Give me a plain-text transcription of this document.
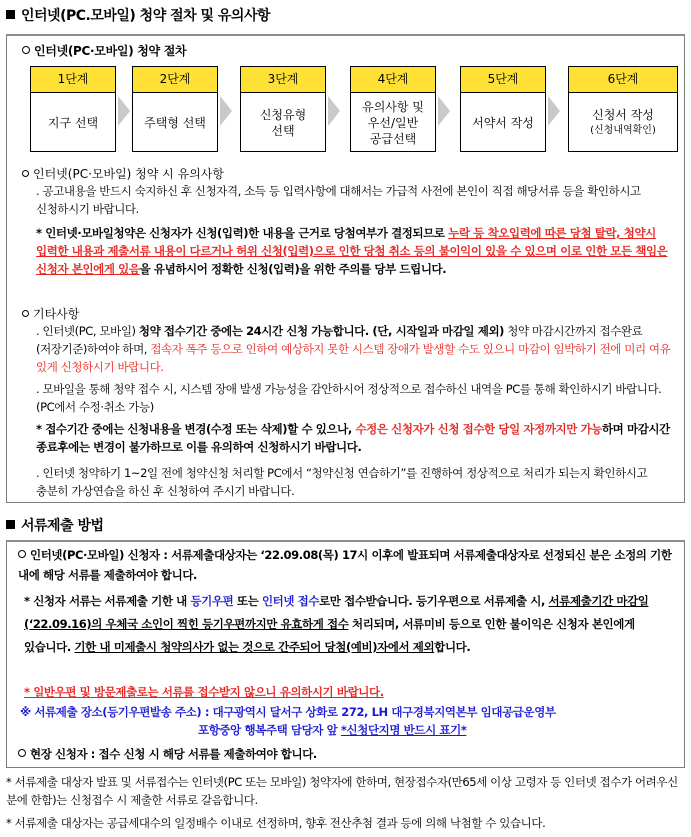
인터넷(PC.모바일) 청약 절차 및 유의사항
인터넷(PC·모바일) 청약 절차
1단계
지구 선택
2단계
주택형 선택
3단계
신청유형
선택
4단계
유의사항 및
우선/일반
공급선택
5단계
서약서 작성
6단계
신청서 작성
(신청내역확인)
인터넷(PC·모바일) 청약 시 유의사항
. 공고내용을 반드시 숙지하신 후 신청자격, 소득 등 입력사항에 대해서는 가급적 사전에 본인이 직접 해당서류 등을 확인하시고 신청하시기 바랍니다.
* 인터넷·모바일청약은 신청자가 신청(입력)한 내용을 근거로 당첨여부가 결정되므로 누락 등 착오입력에 따른 당첨 탈락, 청약시 입력한 내용과 제출서류 내용이 다르거나 허위 신청(입력)으로 인한 당첨 취소 등의 불이익이 있을 수 있으며 이로 인한 모든 책임은 신청자 본인에게 있음을 유념하시어 정확한 신청(입력)을 위한 주의를 당부 드립니다.
기타사항
. 인터넷(PC, 모바일) 청약 접수기간 중에는 24시간 신청 가능합니다. (단, 시작일과 마감일 제외) 청약 마감시간까지 접수완료(저장기준)하여야 하며, 접속자 폭주 등으로 인하여 예상하지 못한 시스템 장애가 발생할 수도 있으니 마감이 임박하기 전에 미리 여유 있게 신청하시기 바랍니다.
. 모바일을 통해 청약 접수 시, 시스템 장애 발생 가능성을 감안하시어 정상적으로 접수하신 내역을 PC를 통해 확인하시기 바랍니다. (PC에서 수정·취소 가능)
* 접수기간 중에는 신청내용을 변경(수정 또는 삭제)할 수 있으나, 수정은 신청자가 신청 접수한 당일 자정까지만 가능하며 마감시간 종료후에는 변경이 불가하므로 이를 유의하여 신청하시기 바랍니다.
. 인터넷 청약하기 1~2일 전에 청약신청 처리할 PC에서 “청약신청 연습하기”를 진행하여 정상적으로 처리가 되는지 확인하시고 충분히 가상연습을 하신 후 신청하여 주시기 바랍니다.
서류제출 방법
인터넷(PC·모바일) 신청자 : 서류제출대상자는 ‘22.09.08(목) 17시 이후에 발표되며 서류제출대상자로 선정되신 분은 소정의 기한 내에 해당 서류를 제출하여야 합니다.
* 신청자 서류는 서류제출 기한 내 등기우편 또는 인터넷 접수로만 접수받습니다. 등기우편으로 서류제출 시, 서류제출기간 마감일(‘22.09.16)의 우체국 소인이 찍힌 등기우편까지만 유효하게 접수 처리되며, 서류미비 등으로 인한 불이익은 신청자 본인에게 있습니다. 기한 내 미제출시 청약의사가 없는 것으로 간주되어 당첨(예비)자에서 제외합니다.
* 일반우편 및 방문제출로는 서류를 접수받지 않으니 유의하시기 바랍니다.
※ 서류제출 장소(등기우편발송 주소) : 대구광역시 달서구 상화로 272, LH 대구경북지역본부 임대공급운영부
포항중앙 행복주택 담당자 앞 *신청단지명 반드시 표기*
현장 신청자 : 접수 신청 시 해당 서류를 제출하여야 합니다.
* 서류제출 대상자 발표 및 서류접수는 인터넷(PC 또는 모바일) 청약자에 한하며, 현장접수자(만65세 이상 고령자 등 인터넷 접수가 어려우신 분에 한함)는 신청접수 시 제출한 서류로 갈음합니다.
* 서류제출 대상자는 공급세대수의 일정배수 이내로 선정하며, 향후 전산추첨 결과 등에 의해 낙첨할 수 있습니다.
